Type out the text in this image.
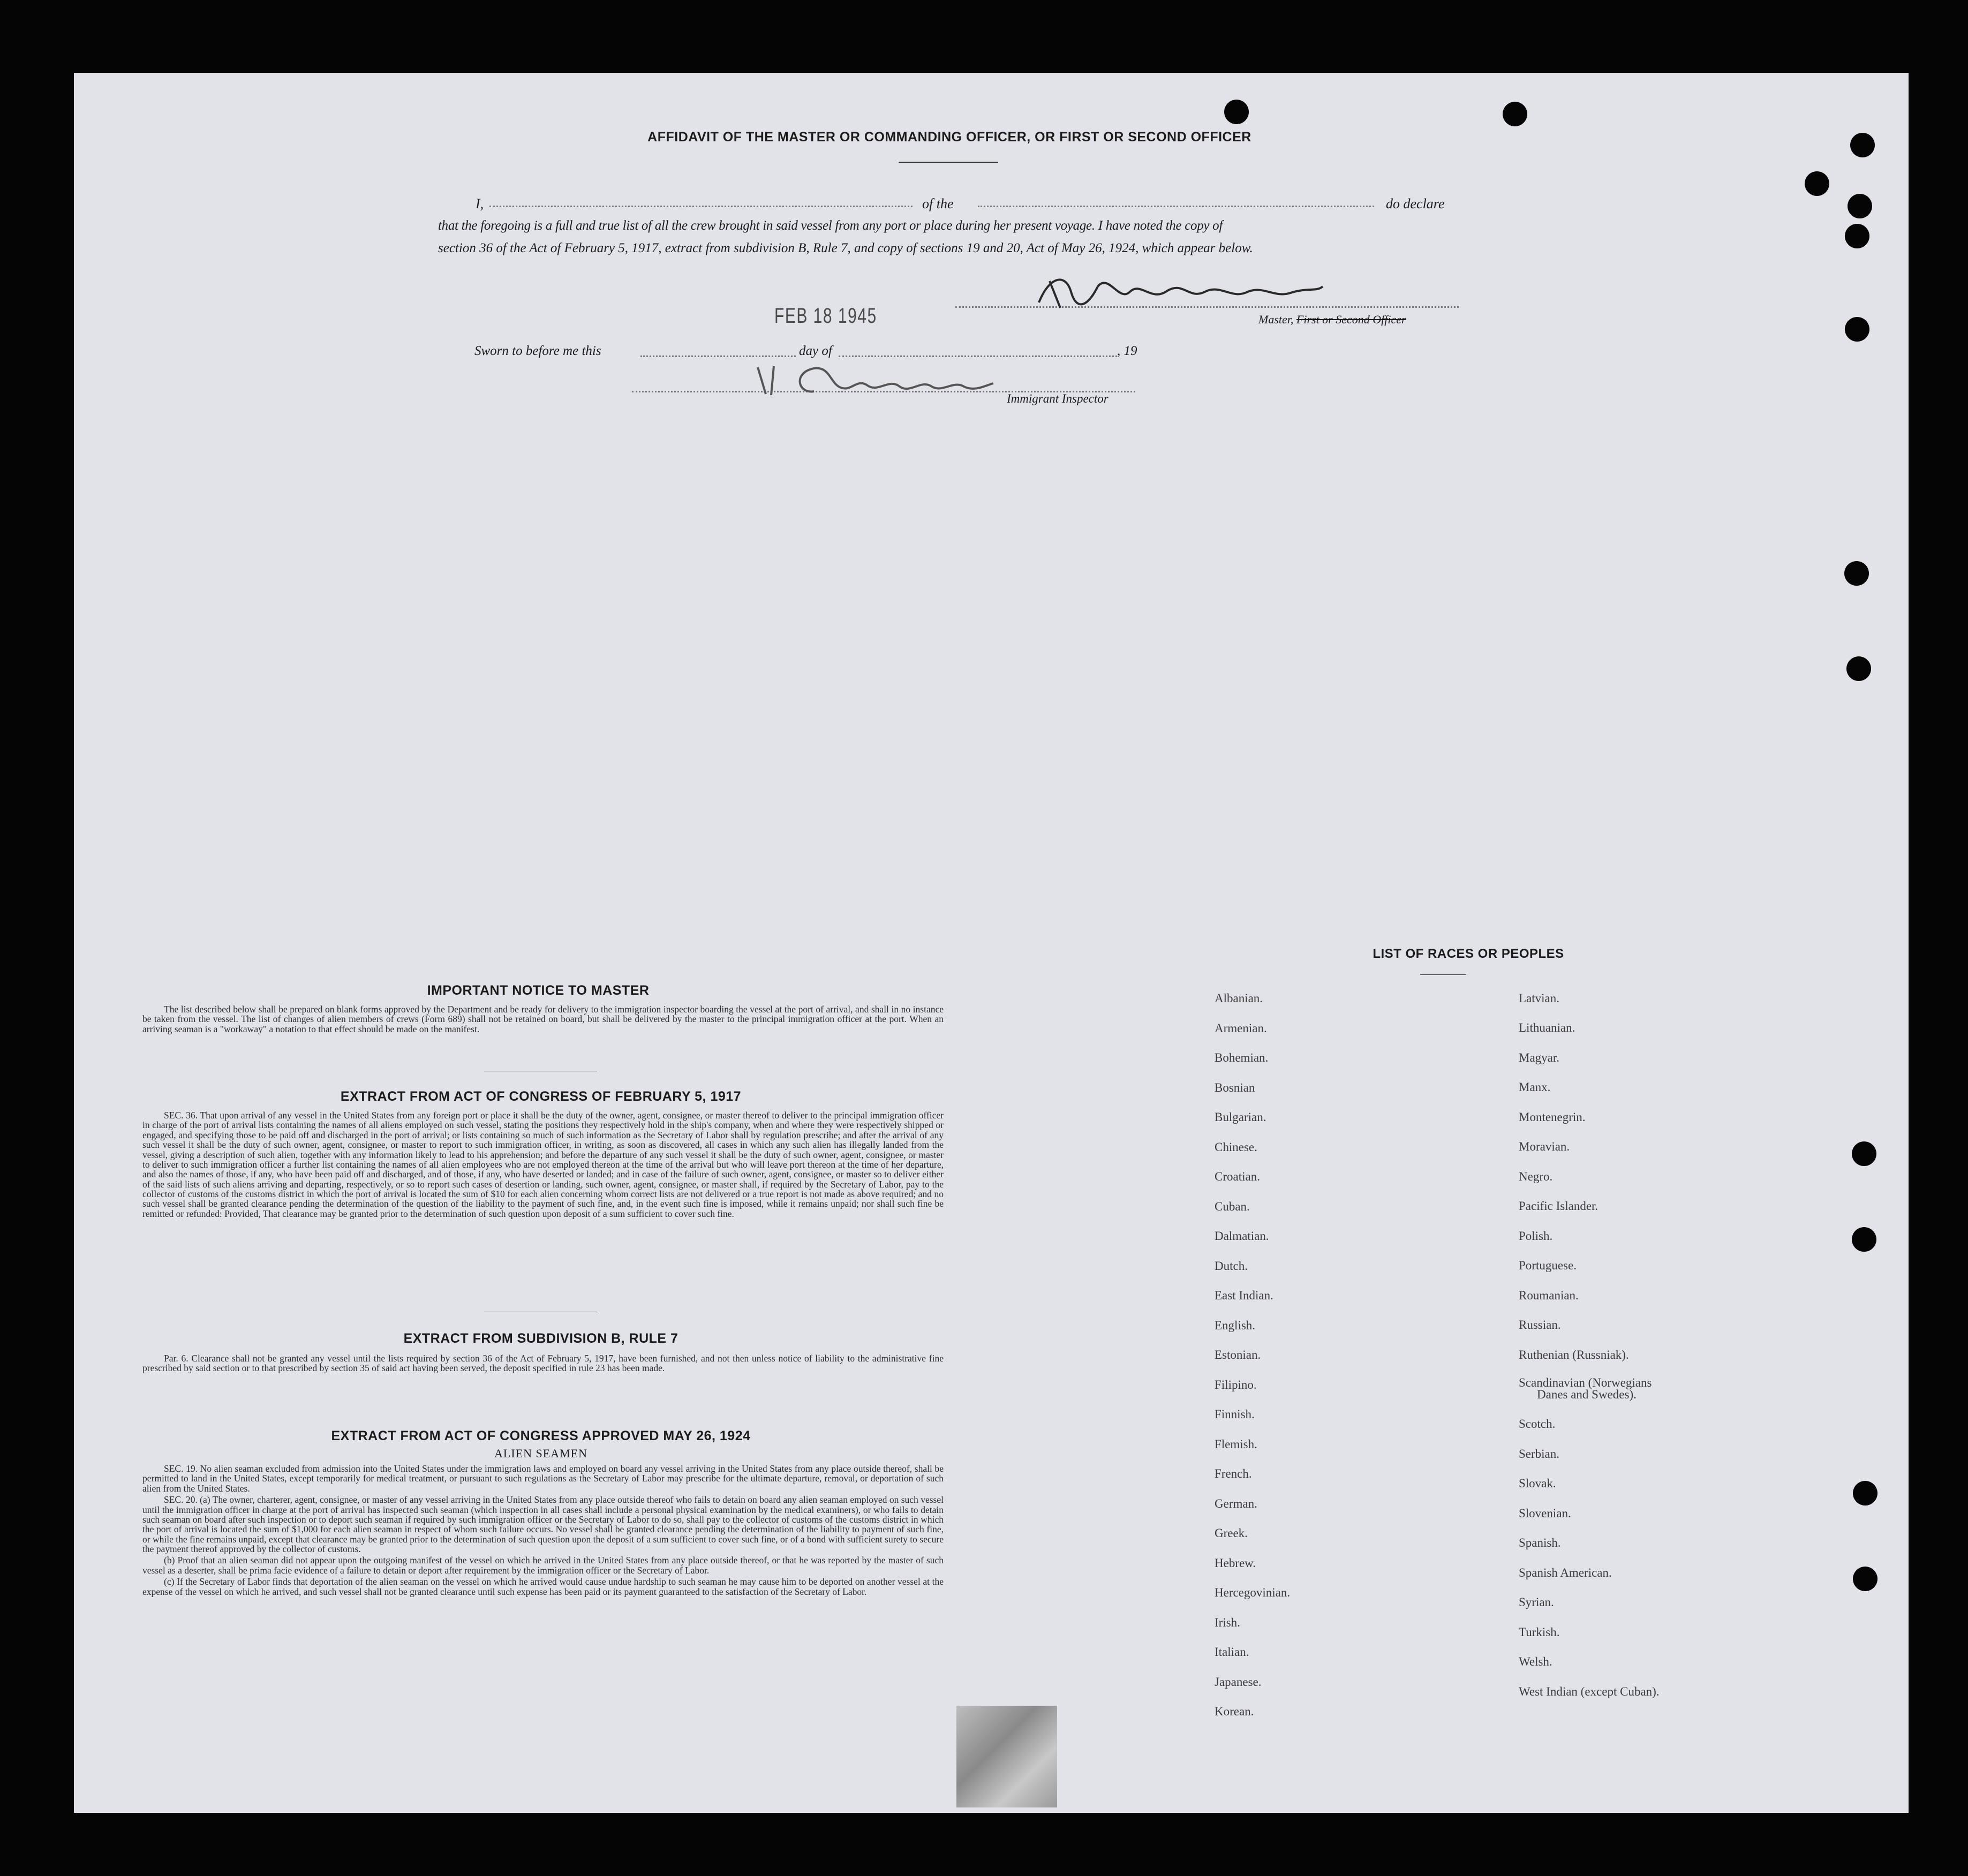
AFFIDAVIT OF THE MASTER OR COMMANDING OFFICER, OR FIRST OR SECOND OFFICER
I,	of the	do declare
that the foregoing is a full and true list of all the crew brought in said vessel from any port or place during her present voyage. I have noted the copy of
section 36 of the Act of February 5, 1917, extract from subdivision B, Rule 7, and copy of sections 19 and 20, Act of May 26, 1924, which appear below.
Master, First or Second Officer
FEB 18 1945
Sworn to before me this	day of	, 19
Immigrant Inspector
IMPORTANT NOTICE TO MASTER

The list described below shall be prepared on blank forms approved by the Department and be ready for delivery to the immigration inspector boarding the vessel at the port of arrival, and shall in no instance be taken from the vessel. The list of changes of alien members of crews (Form 689) shall not be retained on board, but shall be delivered by the master to the principal immigration officer at the port. When an arriving seaman is a "workaway" a notation to that effect should be made on the manifest.

EXTRACT FROM ACT OF CONGRESS OF FEBRUARY 5, 1917

SEC. 36. That upon arrival of any vessel in the United States from any foreign port or place it shall be the duty of the owner, agent, consignee, or master thereof to deliver to the principal immigration officer in charge of the port of arrival lists containing the names of all aliens employed on such vessel, stating the positions they respectively hold in the ship's company, when and where they were respectively shipped or engaged, and specifying those to be paid off and discharged in the port of arrival; or lists containing so much of such information as the Secretary of Labor shall by regulation prescribe; and after the arrival of any such vessel it shall be the duty of such owner, agent, consignee, or master to report to such immigration officer, in writing, as soon as discovered, all cases in which any such alien has illegally landed from the vessel, giving a description of such alien, together with any information likely to lead to his apprehension; and before the departure of any such vessel it shall be the duty of such owner, agent, consignee, or master to deliver to such immigration officer a further list containing the names of all alien employees who are not employed thereon at the time of the arrival but who will leave port thereon at the time of her departure, and also the names of those, if any, who have been paid off and discharged, and of those, if any, who have deserted or landed; and in case of the failure of such owner, agent, consignee, or master so to deliver either of the said lists of such aliens arriving and departing, respectively, or so to report such cases of desertion or landing, such owner, agent, consignee, or master shall, if required by the Secretary of Labor, pay to the collector of customs of the customs district in which the port of arrival is located the sum of $10 for each alien concerning whom correct lists are not delivered or a true report is not made as above required; and no such vessel shall be granted clearance pending the determination of the question of the liability to the payment of such fine, and, in the event such fine is imposed, while it remains unpaid; nor shall such fine be remitted or refunded: Provided, That clearance may be granted prior to the determination of such question upon deposit of a sum sufficient to cover such fine.

EXTRACT FROM SUBDIVISION B, RULE 7

Par. 6. Clearance shall not be granted any vessel until the lists required by section 36 of the Act of February 5, 1917, have been furnished, and not then unless notice of liability to the administrative fine prescribed by said section or to that prescribed by section 35 of said act having been served, the deposit specified in rule 23 has been made.

EXTRACT FROM ACT OF CONGRESS APPROVED MAY 26, 1924
ALIEN SEAMEN

SEC. 19. No alien seaman excluded from admission into the United States under the immigration laws and employed on board any vessel arriving in the United States from any place outside thereof, shall be permitted to land in the United States, except temporarily for medical treatment, or pursuant to such regulations as the Secretary of Labor may prescribe for the ultimate departure, removal, or deportation of such alien from the United States.

SEC. 20. (a) The owner, charterer, agent, consignee, or master of any vessel arriving in the United States from any place outside thereof who fails to detain on board any alien seaman employed on such vessel until the immigration officer in charge at the port of arrival has inspected such seaman (which inspection in all cases shall include a personal physical examination by the medical examiners), or who fails to detain such seaman on board after such inspection or to deport such seaman if required by such immigration officer or the Secretary of Labor to do so, shall pay to the collector of customs of the customs district in which the port of arrival is located the sum of $1,000 for each alien seaman in respect of whom such failure occurs. No vessel shall be granted clearance pending the determination of the liability to payment of such fine, or while the fine remains unpaid, except that clearance may be granted prior to the determination of such question upon the deposit of a sum sufficient to cover such fine, or of a bond with sufficient surety to secure the payment thereof approved by the collector of customs.

(b) Proof that an alien seaman did not appear upon the outgoing manifest of the vessel on which he arrived in the United States from any place outside thereof, or that he was reported by the master of such vessel as a deserter, shall be prima facie evidence of a failure to detain or deport after requirement by the immigration officer or the Secretary of Labor.

(c) If the Secretary of Labor finds that deportation of the alien seaman on the vessel on which he arrived would cause undue hardship to such seaman he may cause him to be deported on another vessel at the expense of the vessel on which he arrived, and such vessel shall not be granted clearance until such expense has been paid or its payment guaranteed to the satisfaction of the Secretary of Labor.

LIST OF RACES OR PEOPLES
Albanian.
Armenian.
Bohemian.
Bosnian
Bulgarian.
Chinese.
Croatian.
Cuban.
Dalmatian.
Dutch.
East Indian.
English.
Estonian.
Filipino.
Finnish.
Flemish.
French.
German.
Greek.
Hebrew.
Hercegovinian.
Irish.
Italian.
Japanese.
Korean.
Latvian.
Lithuanian.
Magyar.
Manx.
Montenegrin.
Moravian.
Negro.
Pacific Islander.
Polish.
Portuguese.
Roumanian.
Russian.
Ruthenian (Russniak).
Scandinavian (Norwegians
Danes and Swedes).
Scotch.
Serbian.
Slovak.
Slovenian.
Spanish.
Spanish American.
Syrian.
Turkish.
Welsh.
West Indian (except Cuban).
